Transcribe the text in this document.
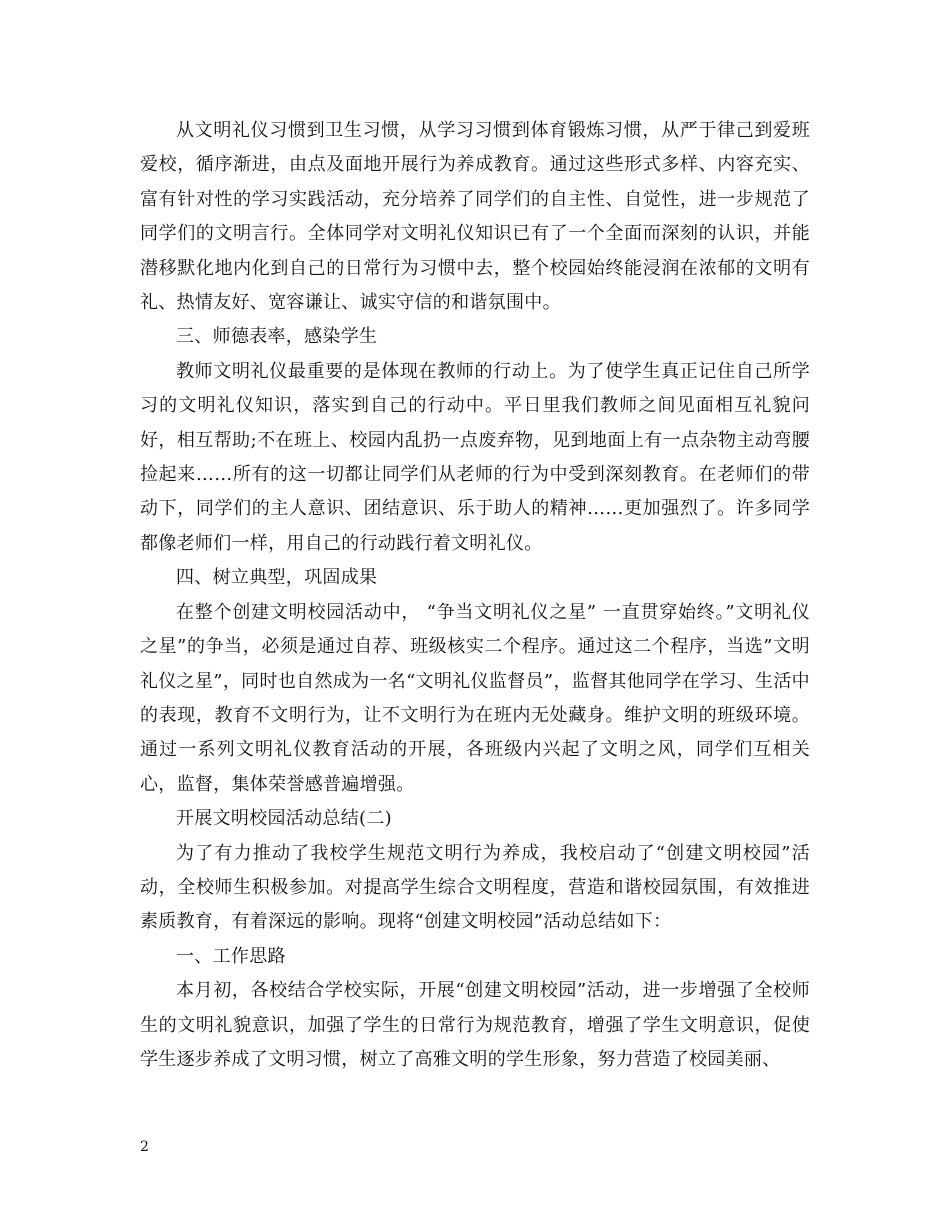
从文明礼仪习惯到卫生习惯，从学习习惯到体育锻炼习惯，从严于律己到爱班爱校，循序渐进，由点及面地开展行为养成教育。通过这些形式多样、内容充实、富有针对性的学习实践活动，充分培养了同学们的自主性、自觉性，进一步规范了同学们的文明言行。全体同学对文明礼仪知识已有了一个全面而深刻的认识，并能潜移默化地内化到自己的日常行为习惯中去，整个校园始终能浸润在浓郁的文明有礼、热情友好、宽容谦让、诚实守信的和谐氛围中。

三、师德表率，感染学生

教师文明礼仪最重要的是体现在教师的行动上。为了使学生真正记住自己所学习的文明礼仪知识，落实到自己的行动中。平日里我们教师之间见面相互礼貌问好，相互帮助;不在班上、校园内乱扔一点废弃物，见到地面上有一点杂物主动弯腰捡起来……所有的这一切都让同学们从老师的行为中受到深刻教育。在老师们的带动下，同学们的主人意识、团结意识、乐于助人的精神……更加强烈了。许多同学都像老师们一样，用自己的行动践行着文明礼仪。

四、树立典型，巩固成果

在整个创建文明校园活动中， “争当文明礼仪之星” 一直贯穿始终。”文明礼仪之星”的争当，必须是通过自荐、班级核实二个程序。通过这二个程序，当选”文明礼仪之星”，同时也自然成为一名“文明礼仪监督员”，监督其他同学在学习、生活中的表现，教育不文明行为，让不文明行为在班内无处藏身。维护文明的班级环境。通过一系列文明礼仪教育活动的开展，各班级内兴起了文明之风，同学们互相关心，监督，集体荣誉感普遍增强。

开展文明校园活动总结(二)

为了有力推动了我校学生规范文明行为养成，我校启动了“创建文明校园”活动，全校师生积极参加。对提高学生综合文明程度，营造和谐校园氛围，有效推进素质教育，有着深远的影响。现将“创建文明校园”活动总结如下：

一、工作思路

本月初，各校结合学校实际，开展“创建文明校园”活动，进一步增强了全校师生的文明礼貌意识，加强了学生的日常行为规范教育，增强了学生文明意识，促使学生逐步养成了文明习惯，树立了高雅文明的学生形象，努力营造了校园美丽、

2
